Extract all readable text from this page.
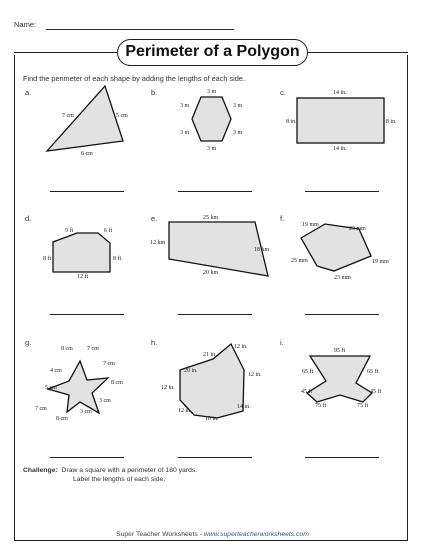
Name:
Perimeter of a Polygon
Find the perimeter of each shape by adding the lengths of each side.
a.	b.	c.
d.	e.	f.
g.	h.	i.
7 cm	5 cm
6 cm
3 m
3 m	3 m
3 m	3 m
3 m
14 in.
8 in.	8 in.
14 in.
9 ft	6 ft
8 ft	8 ft
12 ft
25 km
12 km
18 km
20 km
19 mm
23 mm
25 mm	19 mm
23 mm
8 cm 7 cm
4 cm
7 cm
5 cm
8 cm
7 cm
3 cm
8 cm
3 cm
21 in.
12 in.
20 in.
12 in.
12 in.
14 in.
12 in.
10 in.
95 ft
65 ft	65 ft
45 ft	45 ft
75 ft	75 ft
Challenge: Draw a square with a perimeter of 180 yards.
Label the lengths of each side.
Super Teacher Worksheets - www.superteacherworksheets.com
